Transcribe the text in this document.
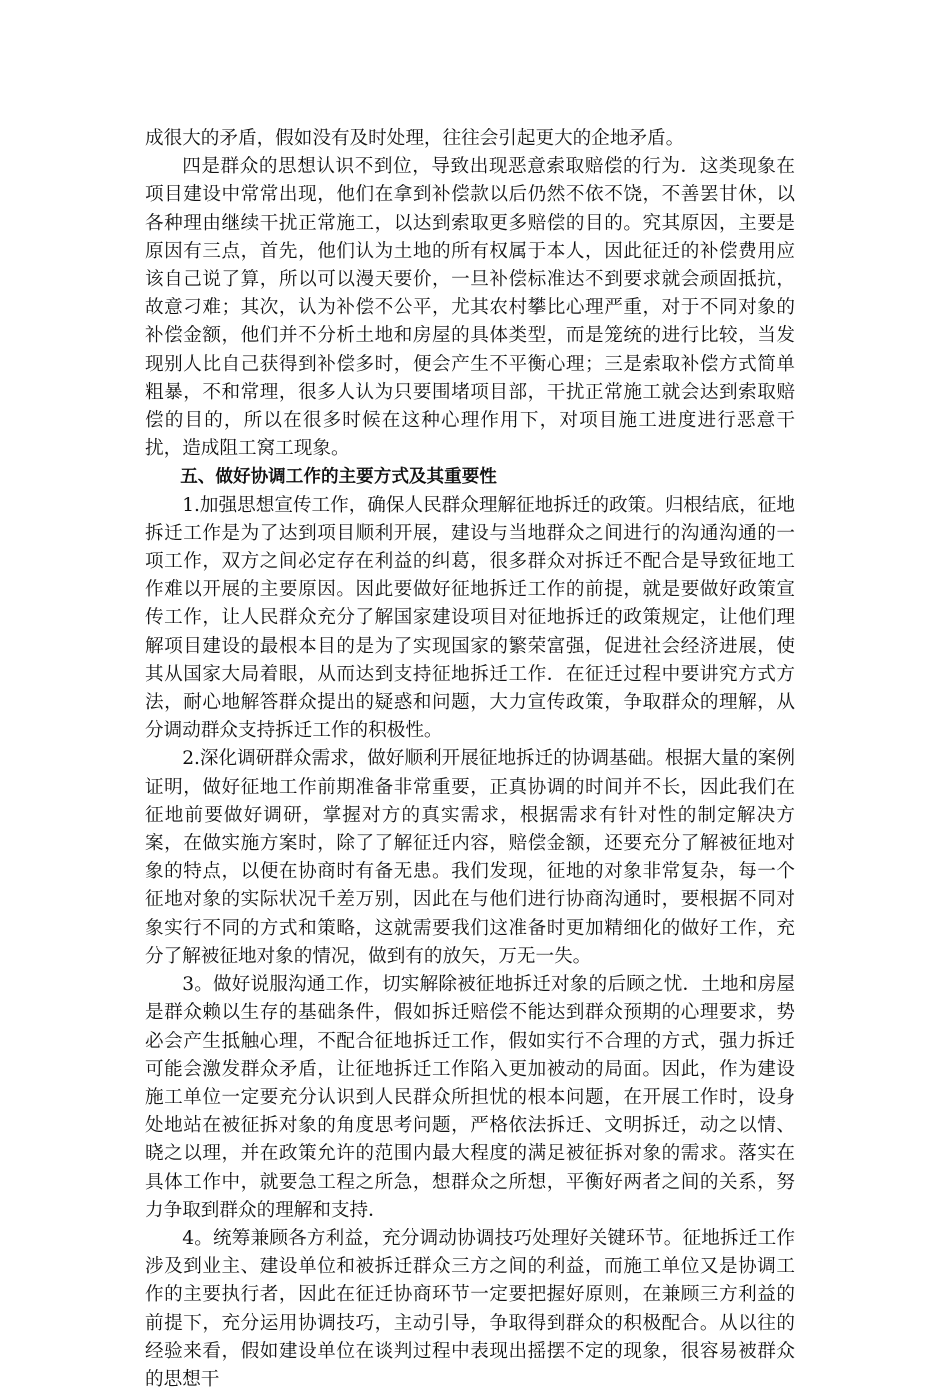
成很大的矛盾，假如没有及时处理，往往会引起更大的企地矛盾。

四是群众的思想认识不到位，导致出现恶意索取赔偿的行为．这类现象在项目建设中常常出现，他们在拿到补偿款以后仍然不依不饶，不善罢甘休，以各种理由继续干扰正常施工，以达到索取更多赔偿的目的。究其原因，主要是原因有三点，首先，他们认为土地的所有权属于本人，因此征迁的补偿费用应该自己说了算，所以可以漫天要价，一旦补偿标准达不到要求就会顽固抵抗，故意刁难；其次，认为补偿不公平，尤其农村攀比心理严重，对于不同对象的补偿金额，他们并不分析土地和房屋的具体类型，而是笼统的进行比较，当发现别人比自己获得到补偿多时，便会产生不平衡心理；三是索取补偿方式简单粗暴，不和常理，很多人认为只要围堵项目部，干扰正常施工就会达到索取赔偿的目的，所以在很多时候在这种心理作用下，对项目施工进度进行恶意干扰，造成阻工窝工现象。

五、做好协调工作的主要方式及其重要性

1.加强思想宣传工作，确保人民群众理解征地拆迁的政策。归根结底，征地拆迁工作是为了达到项目顺利开展，建设与当地群众之间进行的沟通沟通的一项工作，双方之间必定存在利益的纠葛，很多群众对拆迁不配合是导致征地工作难以开展的主要原因。因此要做好征地拆迁工作的前提，就是要做好政策宣传工作，让人民群众充分了解国家建设项目对征地拆迁的政策规定，让他们理解项目建设的最根本目的是为了实现国家的繁荣富强，促进社会经济进展，使其从国家大局着眼，从而达到支持征地拆迁工作．在征迁过程中要讲究方式方法，耐心地解答群众提出的疑惑和问题，大力宣传政策，争取群众的理解，从分调动群众支持拆迁工作的积极性。

2.深化调研群众需求，做好顺利开展征地拆迁的协调基础。根据大量的案例证明，做好征地工作前期准备非常重要，正真协调的时间并不长，因此我们在征地前要做好调研，掌握对方的真实需求，根据需求有针对性的制定解决方案，在做实施方案时，除了了解征迁内容，赔偿金额，还要充分了解被征地对象的特点，以便在协商时有备无患。我们发现，征地的对象非常复杂，每一个征地对象的实际状况千差万别，因此在与他们进行协商沟通时，要根据不同对象实行不同的方式和策略，这就需要我们这准备时更加精细化的做好工作，充分了解被征地对象的情况，做到有的放矢，万无一失。

3。做好说服沟通工作，切实解除被征地拆迁对象的后顾之忧．土地和房屋是群众赖以生存的基础条件，假如拆迁赔偿不能达到群众预期的心理要求，势必会产生抵触心理，不配合征地拆迁工作，假如实行不合理的方式，强力拆迁可能会激发群众矛盾，让征地拆迁工作陷入更加被动的局面。因此，作为建设施工单位一定要充分认识到人民群众所担忧的根本问题，在开展工作时，设身处地站在被征拆对象的角度思考问题，严格依法拆迁、文明拆迁，动之以情、晓之以理，并在政策允许的范围内最大程度的满足被征拆对象的需求。落实在具体工作中，就要急工程之所急，想群众之所想，平衡好两者之间的关系，努力争取到群众的理解和支持．

4。统筹兼顾各方利益，充分调动协调技巧处理好关键环节。征地拆迁工作涉及到业主、建设单位和被拆迁群众三方之间的利益，而施工单位又是协调工作的主要执行者，因此在征迁协商环节一定要把握好原则，在兼顾三方利益的前提下，充分运用协调技巧，主动引导，争取得到群众的积极配合。从以往的经验来看，假如建设单位在谈判过程中表现出摇摆不定的现象，很容易被群众的思想干
